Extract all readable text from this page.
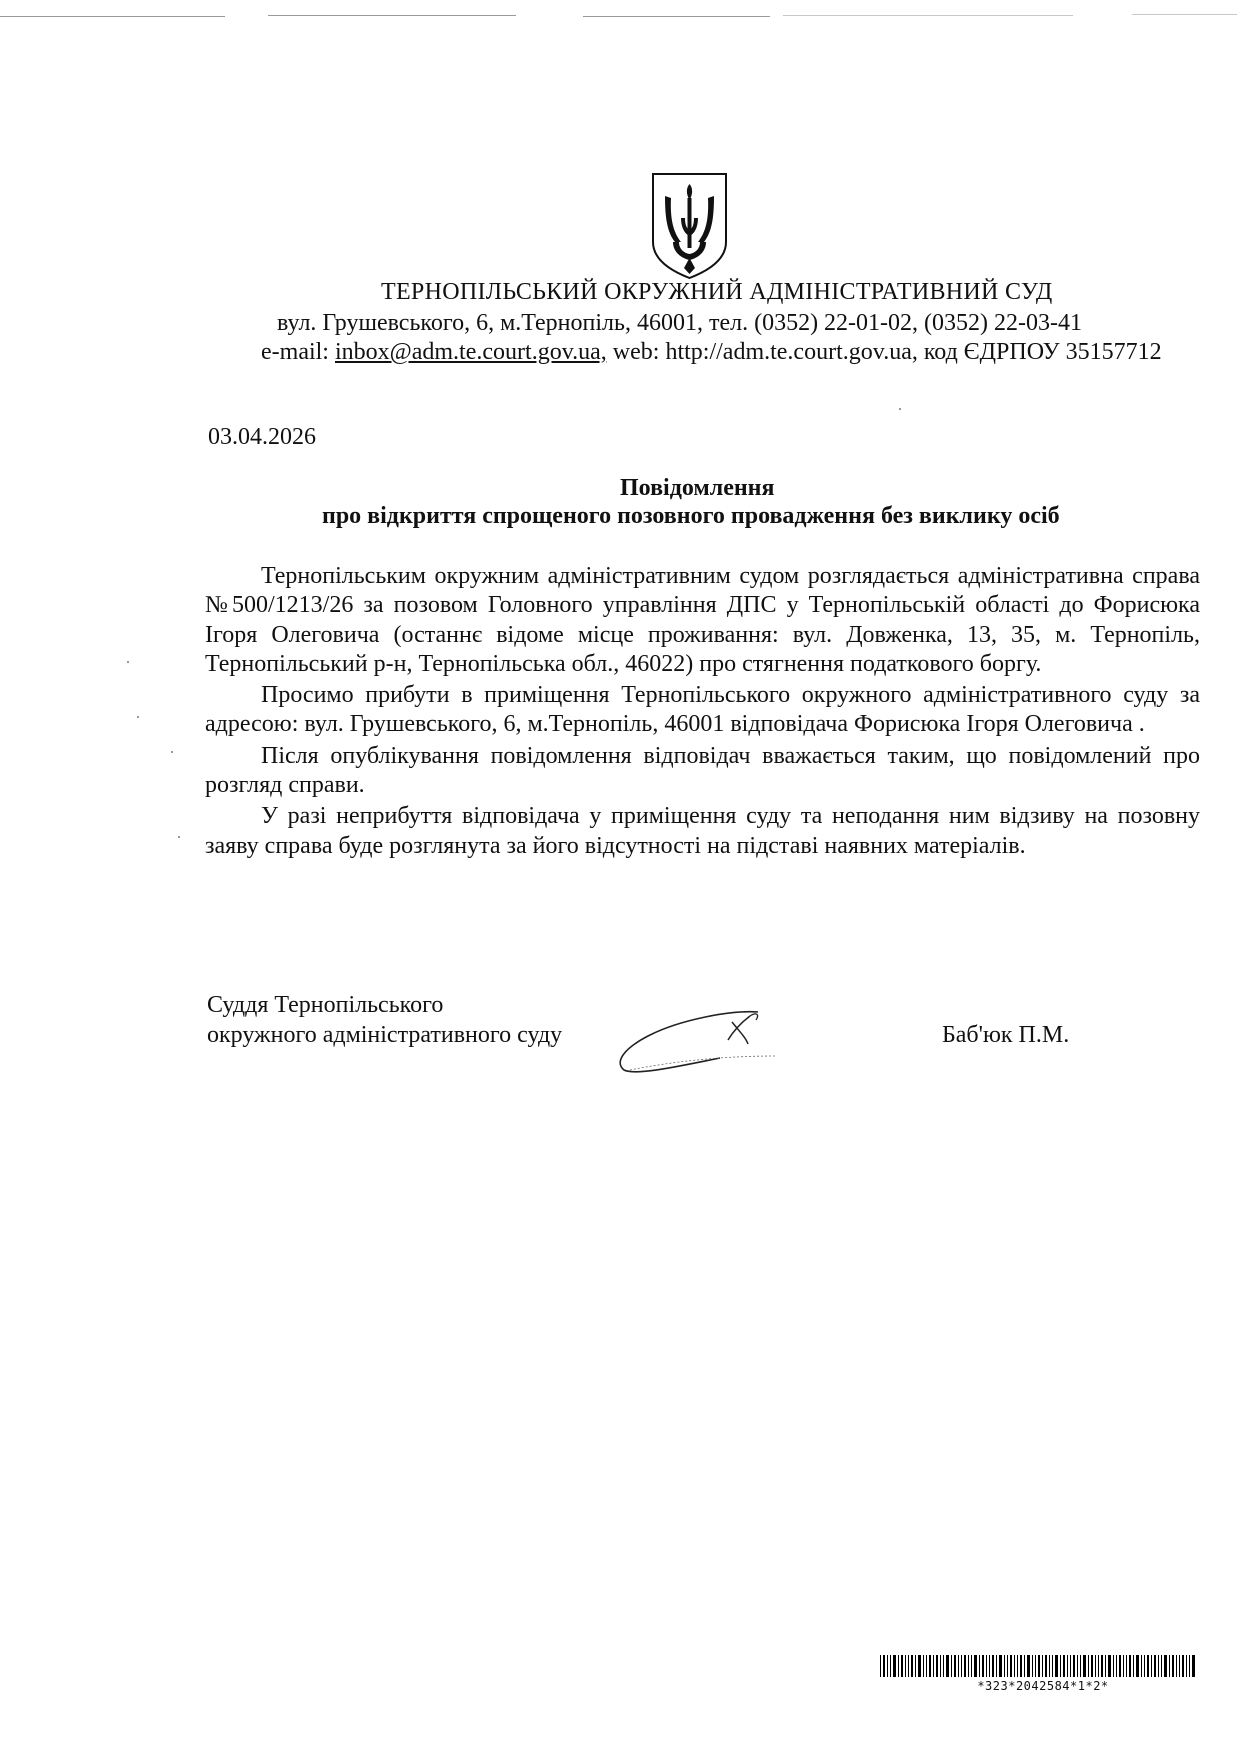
ТЕРНОПІЛЬСЬКИЙ ОКРУЖНИЙ АДМІНІСТРАТИВНИЙ СУД
вул. Грушевського, 6, м.Тернопіль, 46001, тел. (0352) 22-01-02, (0352) 22-03-41
e-mail: inbox@adm.te.court.gov.ua, web: http://adm.te.court.gov.ua, код ЄДРПОУ 35157712
03.04.2026
Повідомлення
про відкриття спрощеного позовного провадження без виклику осіб

Тернопільським окружним адміністративним судом розглядається адміністративна справа №500/1213/26 за позовом Головного управління ДПС у Тернопільській області до Форисюка Ігоря Олеговича (останнє відоме місце проживання: вул. Довженка, 13, 35, м. Тернопіль, Тернопільський р-н, Тернопільська обл., 46022) про стягнення податкового боргу.

Просимо прибути в приміщення Тернопільського окружного адміністративного суду за адресою: вул. Грушевського, 6, м.Тернопіль, 46001 відповідача Форисюка Ігоря Олеговича .

Після опублікування повідомлення відповідач вважається таким, що повідомлений про розгляд справи.

У разі неприбуття відповідача у приміщення суду та неподання ним відзиву на позовну заяву справа буде розглянута за його відсутності на підставі наявних матеріалів.

Суддя Тернопільського
окружного адміністративного суду	Баб'юк П.М.
*323*2042584*1*2*
